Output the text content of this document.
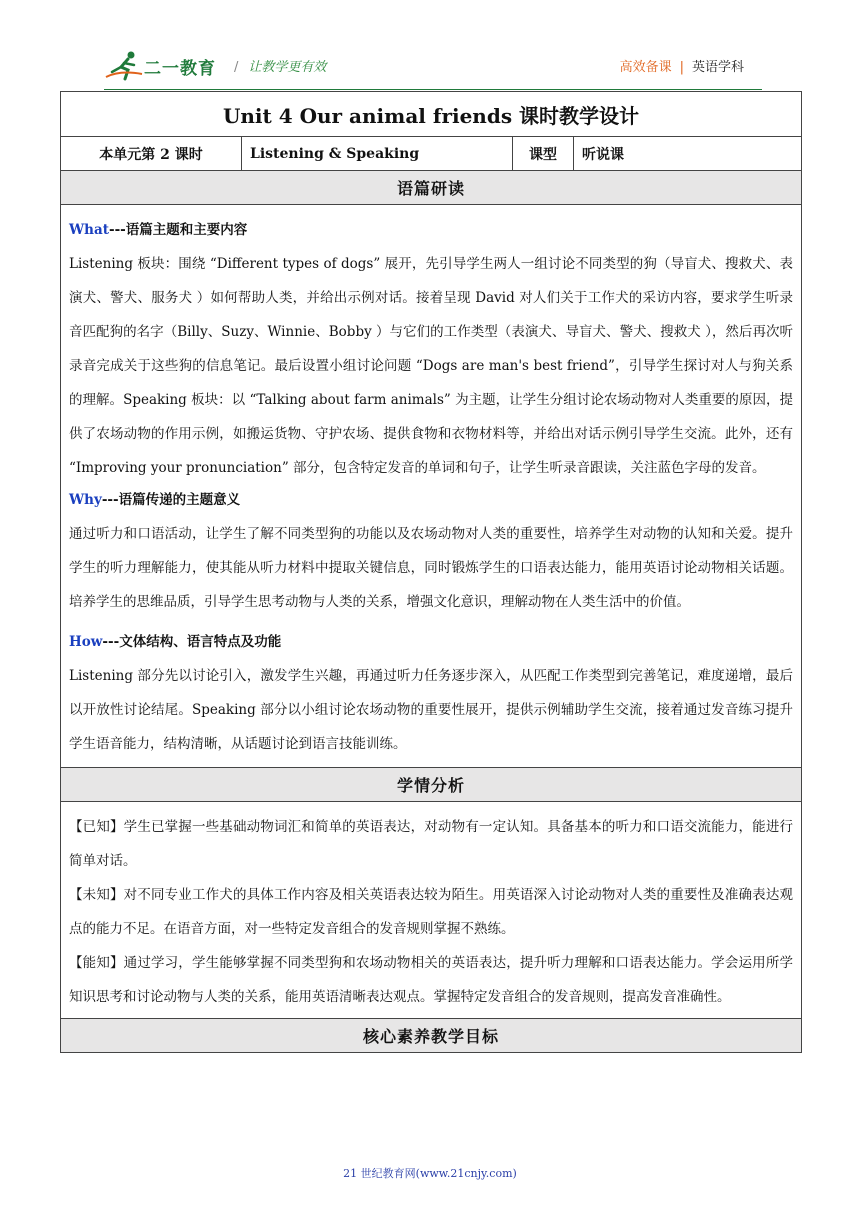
二一教育 / 让教学更有效	高效备课 | 英语学科
Unit 4 Our animal friends 课时教学设计
本单元第 2 课时	Listening & Speaking	课型	听说课
语篇研读

What---语篇主题和主要内容

Listening 板块：围绕 “Different types of dogs” 展开，先引导学生两人一组讨论不同类型的狗（导盲犬、搜救犬、表演犬、警犬、服务犬 ）如何帮助人类，并给出示例对话。接着呈现 David 对人们关于工作犬的采访内容，要求学生听录音匹配狗的名字（Billy、Suzy、Winnie、Bobby ）与它们的工作类型（表演犬、导盲犬、警犬、搜救犬 ），然后再次听录音完成关于这些狗的信息笔记。最后设置小组讨论问题 “Dogs are man's best friend”，引导学生探讨对人与狗关系的理解。Speaking 板块：以 “Talking about farm animals” 为主题，让学生分组讨论农场动物对人类重要的原因，提供了农场动物的作用示例，如搬运货物、守护农场、提供食物和衣物材料等，并给出对话示例引导学生交流。此外，还有 “Improving your pronunciation” 部分，包含特定发音的单词和句子，让学生听录音跟读，关注蓝色字母的发音。

Why---语篇传递的主题意义

通过听力和口语活动，让学生了解不同类型狗的功能以及农场动物对人类的重要性，培养学生对动物的认知和关爱。提升学生的听力理解能力，使其能从听力材料中提取关键信息，同时锻炼学生的口语表达能力，能用英语讨论动物相关话题。培养学生的思维品质，引导学生思考动物与人类的关系，增强文化意识，理解动物在人类生活中的价值。

How---文体结构、语言特点及功能

Listening 部分先以讨论引入，激发学生兴趣，再通过听力任务逐步深入，从匹配工作类型到完善笔记，难度递增，最后以开放性讨论结尾。Speaking 部分以小组讨论农场动物的重要性展开，提供示例辅助学生交流，接着通过发音练习提升学生语音能力，结构清晰，从话题讨论到语言技能训练。

学情分析

【已知】学生已掌握一些基础动物词汇和简单的英语表达，对动物有一定认知。具备基本的听力和口语交流能力，能进行简单对话。

【未知】对不同专业工作犬的具体工作内容及相关英语表达较为陌生。用英语深入讨论动物对人类的重要性及准确表达观点的能力不足。在语音方面，对一些特定发音组合的发音规则掌握不熟练。

【能知】通过学习，学生能够掌握不同类型狗和农场动物相关的英语表达，提升听力理解和口语表达能力。学会运用所学知识思考和讨论动物与人类的关系，能用英语清晰表达观点。掌握特定发音组合的发音规则，提高发音准确性。

核心素养教学目标
21 世纪教育网(www.21cnjy.com)
